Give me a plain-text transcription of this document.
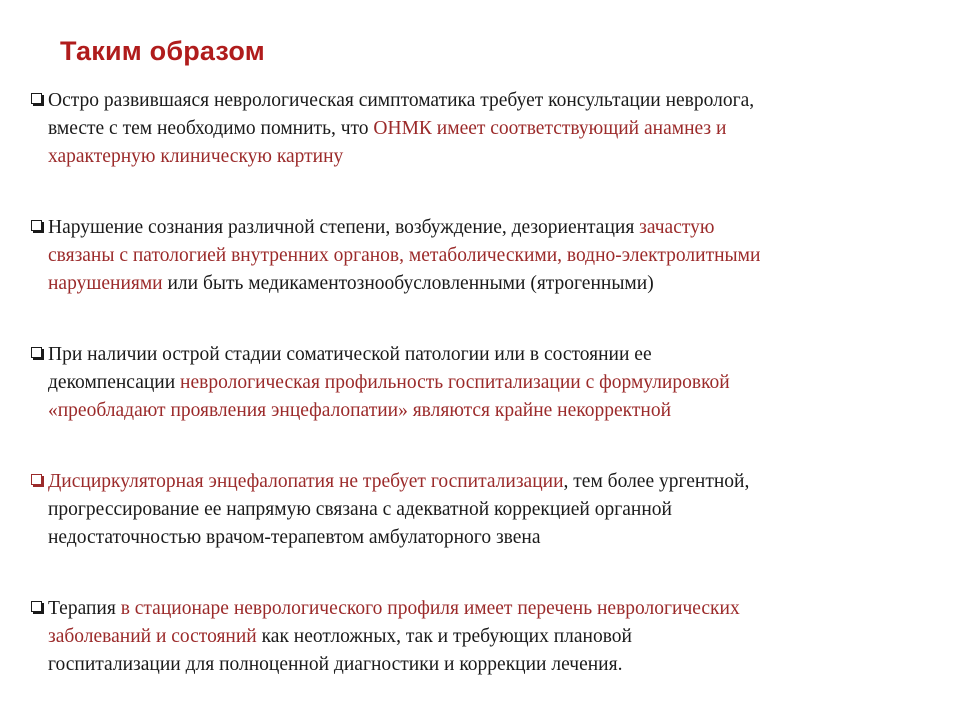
Таким образом
Остро развившаяся неврологическая симптоматика требует консультации невролога,
вместе с тем необходимо помнить, что ОНМК имеет соответствующий анамнез и
характерную клиническую картину
Нарушение сознания различной степени, возбуждение, дезориентация зачастую
связаны с патологией внутренних органов, метаболическими, водно-электролитными
нарушениями или быть медикаментознообусловленными (ятрогенными)
При наличии острой стадии соматической патологии или в состоянии ее
декомпенсации неврологическая профильность госпитализации с формулировкой
«преобладают проявления энцефалопатии» являются крайне некорректной
Дисциркуляторная энцефалопатия не требует госпитализации, тем более ургентной,
прогрессирование ее напрямую связана с адекватной коррекцией органной
недостаточностью врачом-терапевтом амбулаторного звена
Терапия в стационаре неврологического профиля имеет перечень неврологических
заболеваний и состояний как неотложных, так и требующих плановой
госпитализации для полноценной диагностики и коррекции лечения.
